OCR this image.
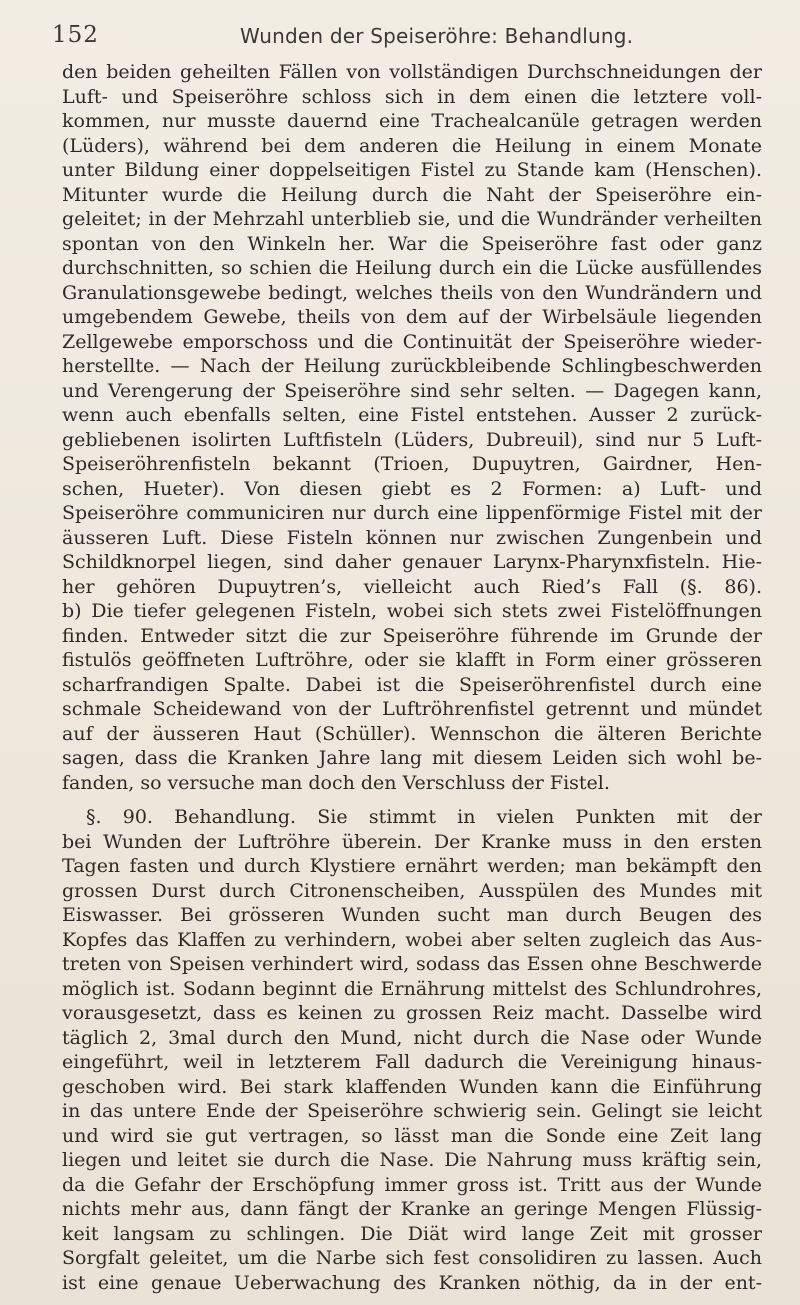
152	Wunden der Speiseröhre: Behandlung.
den beiden geheilten Fällen von vollständigen Durchschneidungen der
Luft- und Speiseröhre schloss sich in dem einen die letztere voll-
kommen, nur musste dauernd eine Trachealcanüle getragen werden
(Lüders), während bei dem anderen die Heilung in einem Monate
unter Bildung einer doppelseitigen Fistel zu Stande kam (Henschen).
Mitunter wurde die Heilung durch die Naht der Speiseröhre ein-
geleitet; in der Mehrzahl unterblieb sie, und die Wundränder verheilten
spontan von den Winkeln her. War die Speiseröhre fast oder ganz
durchschnitten, so schien die Heilung durch ein die Lücke ausfüllendes
Granulationsgewebe bedingt, welches theils von den Wundrändern und
umgebendem Gewebe, theils von dem auf der Wirbelsäule liegenden
Zellgewebe emporschoss und die Continuität der Speiseröhre wieder-
herstellte. — Nach der Heilung zurückbleibende Schlingbeschwerden
und Verengerung der Speiseröhre sind sehr selten. — Dagegen kann,
wenn auch ebenfalls selten, eine Fistel entstehen. Ausser 2 zurück-
gebliebenen isolirten Luftfisteln (Lüders, Dubreuil), sind nur 5 Luft-
Speiseröhrenfisteln bekannt (Trioen, Dupuytren, Gairdner, Hen-
schen, Hueter). Von diesen giebt es 2 Formen: a) Luft- und
Speiseröhre communiciren nur durch eine lippenförmige Fistel mit der
äusseren Luft. Diese Fisteln können nur zwischen Zungenbein und
Schildknorpel liegen, sind daher genauer Larynx-Pharynxfisteln. Hie-
her gehören Dupuytren’s, vielleicht auch Ried’s Fall (§. 86).
b) Die tiefer gelegenen Fisteln, wobei sich stets zwei Fistelöffnungen
finden. Entweder sitzt die zur Speiseröhre führende im Grunde der
fistulös geöffneten Luftröhre, oder sie klafft in Form einer grösseren
scharfrandigen Spalte. Dabei ist die Speiseröhrenfistel durch eine
schmale Scheidewand von der Luftröhrenfistel getrennt und mündet
auf der äusseren Haut (Schüller). Wennschon die älteren Berichte
sagen, dass die Kranken Jahre lang mit diesem Leiden sich wohl be-
fanden, so versuche man doch den Verschluss der Fistel.
§. 90. Behandlung. Sie stimmt in vielen Punkten mit der
bei Wunden der Luftröhre überein. Der Kranke muss in den ersten
Tagen fasten und durch Klystiere ernährt werden; man bekämpft den
grossen Durst durch Citronenscheiben, Ausspülen des Mundes mit
Eiswasser. Bei grösseren Wunden sucht man durch Beugen des
Kopfes das Klaffen zu verhindern, wobei aber selten zugleich das Aus-
treten von Speisen verhindert wird, sodass das Essen ohne Beschwerde
möglich ist. Sodann beginnt die Ernährung mittelst des Schlundrohres,
vorausgesetzt, dass es keinen zu grossen Reiz macht. Dasselbe wird
täglich 2, 3mal durch den Mund, nicht durch die Nase oder Wunde
eingeführt, weil in letzterem Fall dadurch die Vereinigung hinaus-
geschoben wird. Bei stark klaffenden Wunden kann die Einführung
in das untere Ende der Speiseröhre schwierig sein. Gelingt sie leicht
und wird sie gut vertragen, so lässt man die Sonde eine Zeit lang
liegen und leitet sie durch die Nase. Die Nahrung muss kräftig sein,
da die Gefahr der Erschöpfung immer gross ist. Tritt aus der Wunde
nichts mehr aus, dann fängt der Kranke an geringe Mengen Flüssig-
keit langsam zu schlingen. Die Diät wird lange Zeit mit grosser
Sorgfalt geleitet, um die Narbe sich fest consolidiren zu lassen. Auch
ist eine genaue Ueberwachung des Kranken nöthig, da in der ent-
